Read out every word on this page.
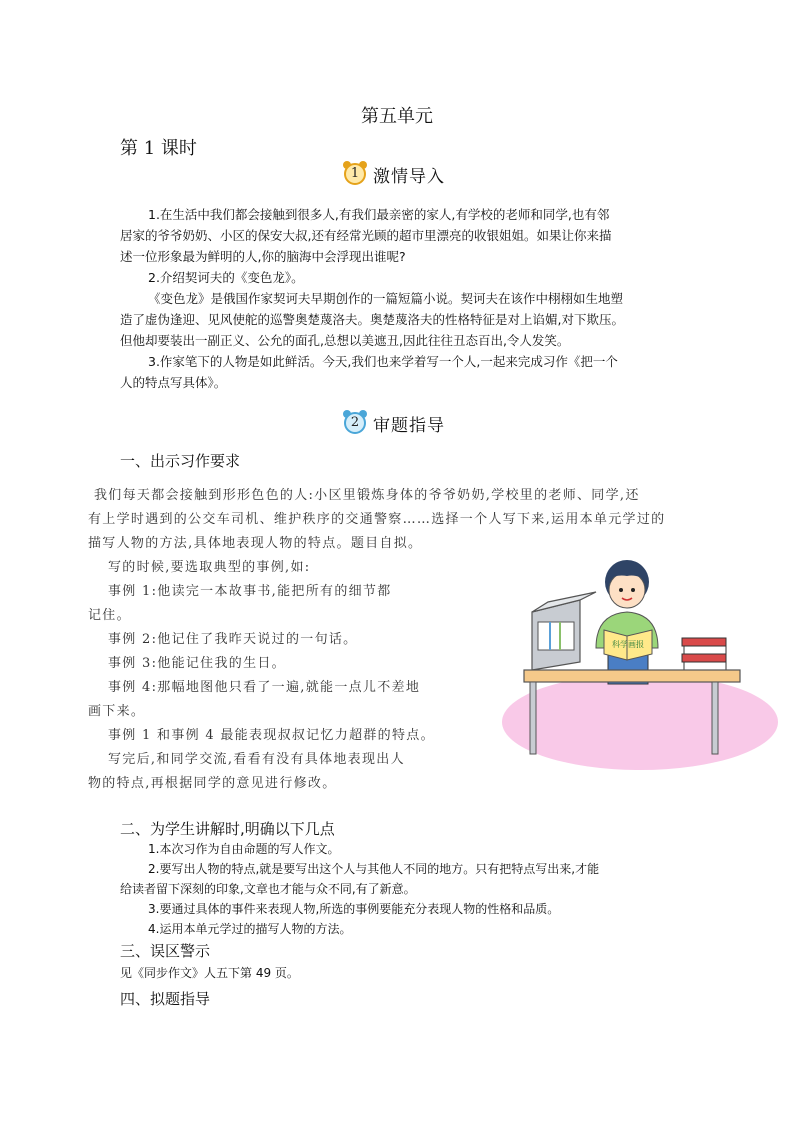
第五单元
第 1 课时
1 激情导入
1.在生活中我们都会接触到很多人,有我们最亲密的家人,有学校的老师和同学,也有邻
居家的爷爷奶奶、小区的保安大叔,还有经常光顾的超市里漂亮的收银姐姐。如果让你来描
述一位形象最为鲜明的人,你的脑海中会浮现出谁呢?
2.介绍契诃夫的《变色龙》。
《变色龙》是俄国作家契诃夫早期创作的一篇短篇小说。契诃夫在该作中栩栩如生地塑
造了虚伪逢迎、见风使舵的巡警奥楚蔑洛夫。奥楚蔑洛夫的性格特征是对上谄媚,对下欺压。
但他却要装出一副正义、公允的面孔,总想以美遮丑,因此往往丑态百出,令人发笑。
3.作家笔下的人物是如此鲜活。今天,我们也来学着写一个人,一起来完成习作《把一个
人的特点写具体》。
2 审题指导
一、出示习作要求
我们每天都会接触到形形色色的人:小区里锻炼身体的爷爷奶奶,学校里的老师、同学,还
有上学时遇到的公交车司机、维护秩序的交通警察……选择一个人写下来,运用本单元学过的
描写人物的方法,具体地表现人物的特点。题目自拟。
写的时候,要选取典型的事例,如:
事例 1:他读完一本故事书,能把所有的细节都
记住。
事例 2:他记住了我昨天说过的一句话。
事例 3:他能记住我的生日。
事例 4:那幅地图他只看了一遍,就能一点儿不差地
画下来。
事例 1 和事例 4 最能表现叔叔记忆力超群的特点。
写完后,和同学交流,看看有没有具体地表现出人
物的特点,再根据同学的意见进行修改。
科学画报
二、为学生讲解时,明确以下几点
1.本次习作为自由命题的写人作文。
2.要写出人物的特点,就是要写出这个人与其他人不同的地方。只有把特点写出来,才能
给读者留下深刻的印象,文章也才能与众不同,有了新意。
3.要通过具体的事件来表现人物,所选的事例要能充分表现人物的性格和品质。
4.运用本单元学过的描写人物的方法。
三、误区警示
见《同步作文》人五下第 49 页。
四、拟题指导
